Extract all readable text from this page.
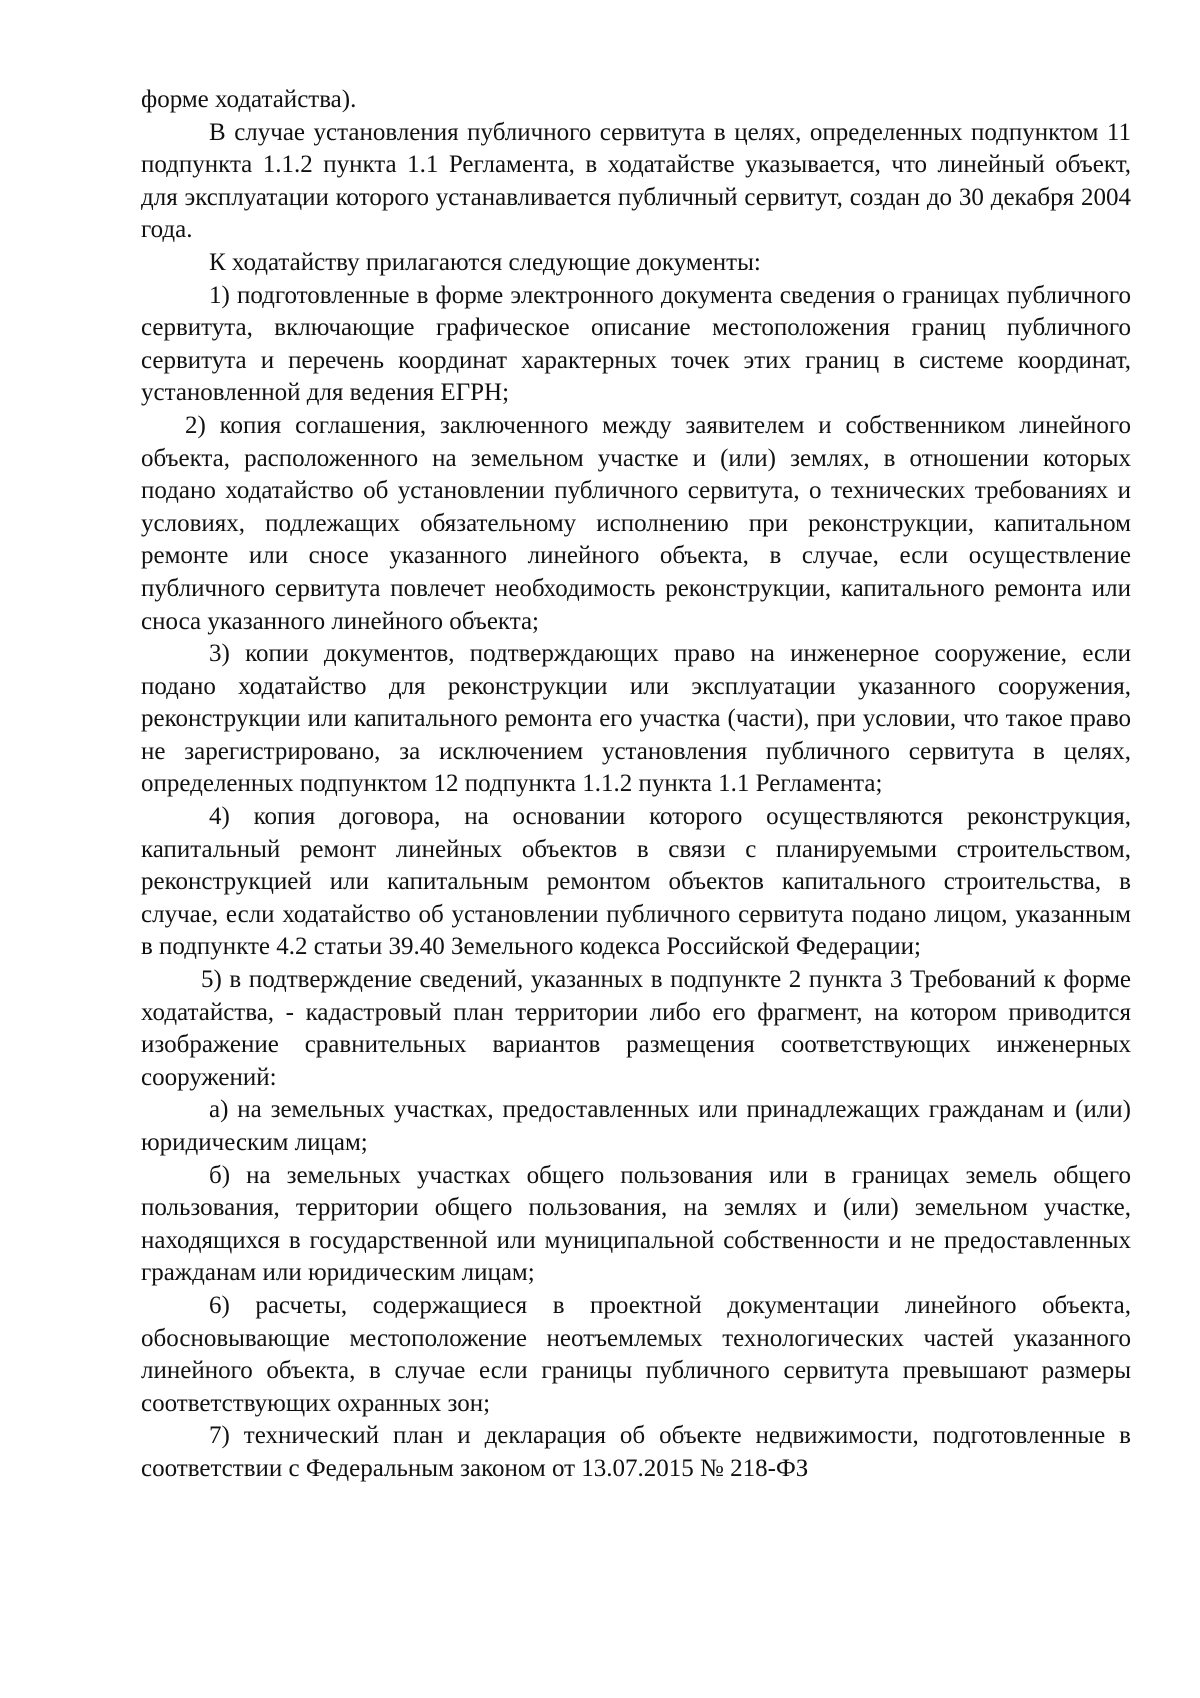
форме ходатайства).

В случае установления публичного сервитута в целях, определенных подпунктом 11 подпункта 1.1.2 пункта 1.1 Регламента, в ходатайстве указывается, что линейный объект, для эксплуатации которого устанавливается публичный сервитут, создан до 30 декабря 2004 года.

К ходатайству прилагаются следующие документы:

1) подготовленные в форме электронного документа сведения о границах публичного сервитута, включающие графическое описание местоположения границ публичного сервитута и перечень координат характерных точек этих границ в системе координат, установленной для ведения ЕГРН;

2) копия соглашения, заключенного между заявителем и собственником линейного объекта, расположенного на земельном участке и (или) землях, в отношении которых подано ходатайство об установлении публичного сервитута, о технических требованиях и условиях, подлежащих обязательному исполнению при реконструкции, капитальном ремонте или сносе указанного линейного объекта, в случае, если осуществление публичного сервитута повлечет необходимость реконструкции, капитального ремонта или сноса указанного линейного объекта;

3) копии документов, подтверждающих право на инженерное сооружение, если подано ходатайство для реконструкции или эксплуатации указанного сооружения, реконструкции или капитального ремонта его участка (части), при условии, что такое право не зарегистрировано, за исключением установления публичного сервитута в целях, определенных подпунктом 12 подпункта 1.1.2 пункта 1.1 Регламента;

4) копия договора, на основании которого осуществляются реконструкция, капитальный ремонт линейных объектов в связи с планируемыми строительством, реконструкцией или капитальным ремонтом объектов капитального строительства, в случае, если ходатайство об установлении публичного сервитута подано лицом, указанным в подпункте 4.2 статьи 39.40 Земельного кодекса Российской Федерации;

5) в подтверждение сведений, указанных в подпункте 2 пункта 3 Требований к форме ходатайства, - кадастровый план территории либо его фрагмент, на котором приводится изображение сравнительных вариантов размещения соответствующих инженерных сооружений:

а) на земельных участках, предоставленных или принадлежащих гражданам и (или) юридическим лицам;

б) на земельных участках общего пользования или в границах земель общего пользования, территории общего пользования, на землях и (или) земельном участке, находящихся в государственной или муниципальной собственности и не предоставленных гражданам или юридическим лицам;

6) расчеты, содержащиеся в проектной документации линейного объекта, обосновывающие местоположение неотъемлемых технологических частей указанного линейного объекта, в случае если границы публичного сервитута превышают размеры соответствующих охранных зон;

7) технический план и декларация об объекте недвижимости, подготовленные в соответствии с Федеральным законом от 13.07.2015 № 218-ФЗ
